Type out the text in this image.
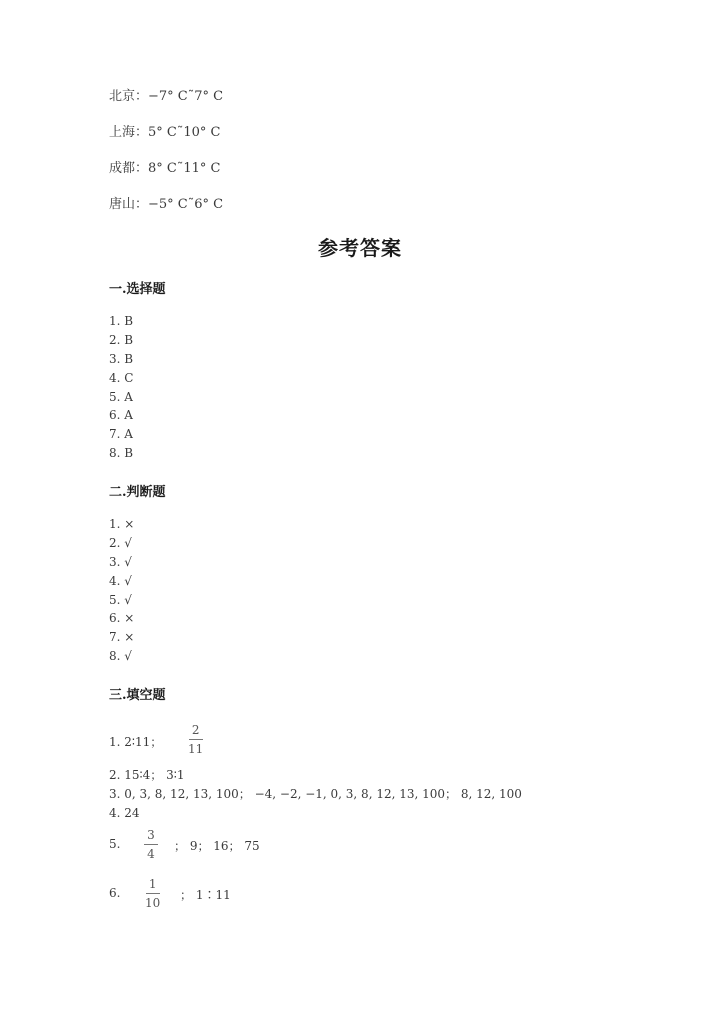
北京：−7° C˜7° C
上海：5° C˜10° C
成都：8° C˜11° C
唐山：−5° C˜6° C
参考答案
一.选择题
1. B
2. B
3. B
4. C
5. A
6. A
7. A
8. B
二.判断题
1. ×
2. √
3. √
4. √
5. √
6. ×
7. ×
8. √
三.填空题
1. 2∶11；
2
11
2. 15∶4； 3∶1
3. 0, 3, 8, 12, 13, 100； −4, −2, −1, 0, 3, 8, 12, 13, 100； 8, 12, 100
4. 24
5.
3
4
； 9； 16； 75
6.
1
10
； 1∶11
